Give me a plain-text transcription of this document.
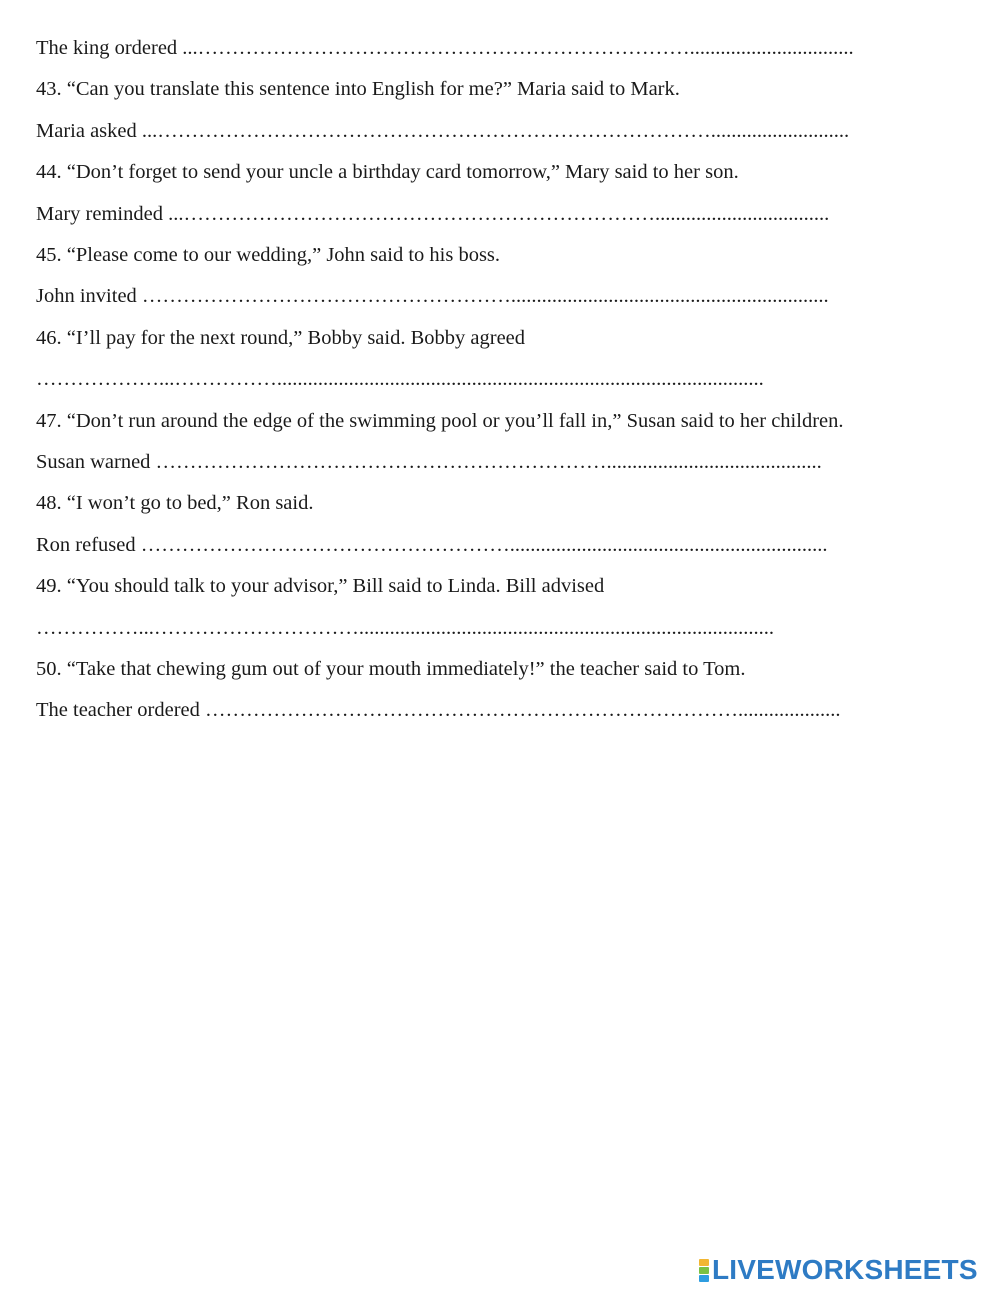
The king ordered ...………………………………………………………………................................

43. “Can you translate this sentence into English for me?” Maria said to Mark.

Maria asked ...………………………………………………………………………...........................

44. “Don’t forget to send your uncle a birthday card tomorrow,” Mary said to her son.

Mary reminded ...……………………………………………………………..................................

45. “Please come to our wedding,” John said to his boss.

John invited ………………………………………………..............................................................

46. “I’ll pay for the next round,” Bobby said. Bobby agreed

………………...……………...............................................................................................

47. “Don’t run around the edge of the swimming pool or you’ll fall in,” Susan said to her children.

Susan warned …………………………………………………………..........................................

48. “I won’t go to bed,” Ron said.

Ron refused ………………………………………………..............................................................

49. “You should talk to your advisor,” Bill said to Linda. Bill advised

……………...………………………….................................................................................

50. “Take that chewing gum out of your mouth immediately!” the teacher said to Tom.

The teacher ordered ……………………………………………………………………....................

LIVEWORKSHEETS
